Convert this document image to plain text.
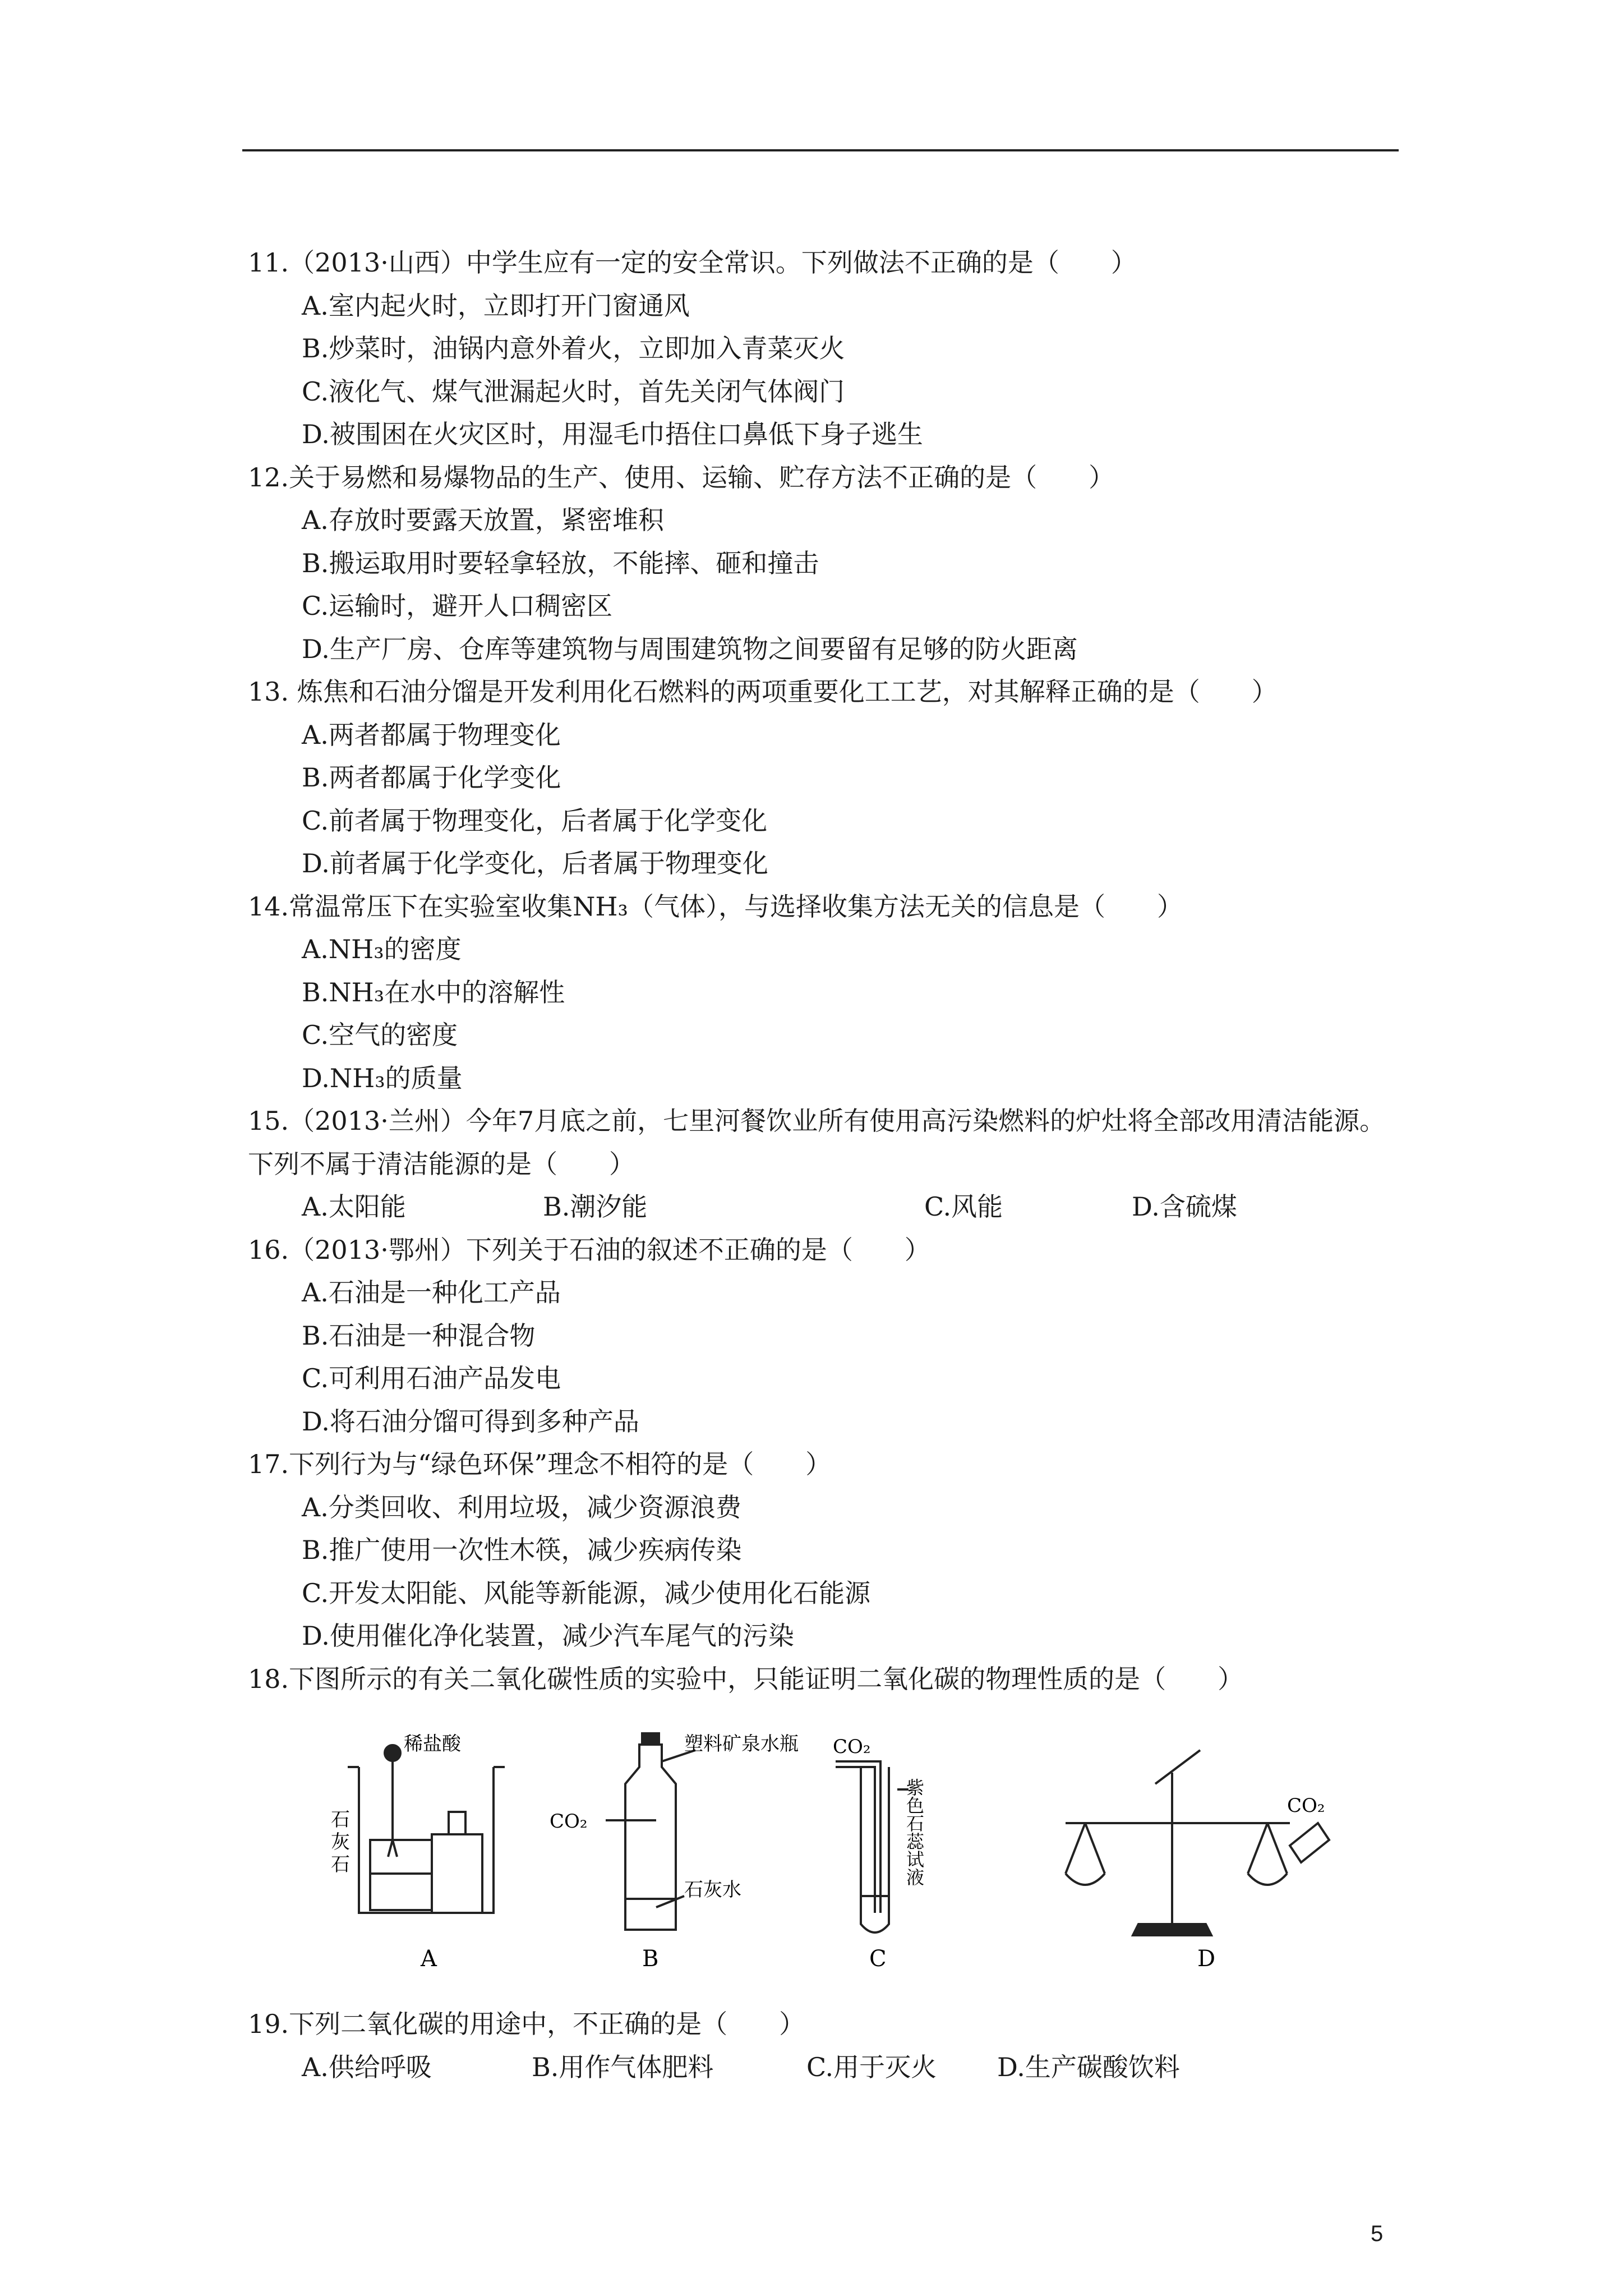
11.（2013·山西）中学生应有一定的安全常识。下列做法不正确的是（　　）
A.室内起火时，立即打开门窗通风
B.炒菜时，油锅内意外着火，立即加入青菜灭火
C.液化气、煤气泄漏起火时，首先关闭气体阀门
D.被围困在火灾区时，用湿毛巾捂住口鼻低下身子逃生
12.关于易燃和易爆物品的生产、使用、运输、贮存方法不正确的是（　　）
A.存放时要露天放置，紧密堆积
B.搬运取用时要轻拿轻放，不能摔、砸和撞击
C.运输时，避开人口稠密区
D.生产厂房、仓库等建筑物与周围建筑物之间要留有足够的防火距离
13. 炼焦和石油分馏是开发利用化石燃料的两项重要化工工艺，对其解释正确的是（　　）
A.两者都属于物理变化
B.两者都属于化学变化
C.前者属于物理变化，后者属于化学变化
D.前者属于化学变化，后者属于物理变化
14.常温常压下在实验室收集NH₃（气体），与选择收集方法无关的信息是（　　）
A.NH₃的密度
B.NH₃在水中的溶解性
C.空气的密度
D.NH₃的质量
15.（2013·兰州）今年7月底之前，七里河餐饮业所有使用高污染燃料的炉灶将全部改用清洁能源。下列不属于清洁能源的是（　　）
A.太阳能	B.潮汐能	C.风能	D.含硫煤
16.（2013·鄂州）下列关于石油的叙述不正确的是（　　）
A.石油是一种化工产品
B.石油是一种混合物
C.可利用石油产品发电
D.将石油分馏可得到多种产品
17.下列行为与“绿色环保”理念不相符的是（　　）
A.分类回收、利用垃圾，减少资源浪费
B.推广使用一次性木筷，减少疾病传染
C.开发太阳能、风能等新能源，减少使用化石能源
D.使用催化净化装置，减少汽车尾气的污染
18.下图所示的有关二氧化碳性质的实验中，只能证明二氧化碳的物理性质的是（　　）
稀盐酸
石
灰
石
A
塑料矿泉水瓶
CO₂
石灰水
B
CO₂
紫色石蕊试液
C
CO₂
D
19.下列二氧化碳的用途中，不正确的是（　　）
A.供给呼吸	B.用作气体肥料	C.用于灭火	D.生产碳酸饮料
5
